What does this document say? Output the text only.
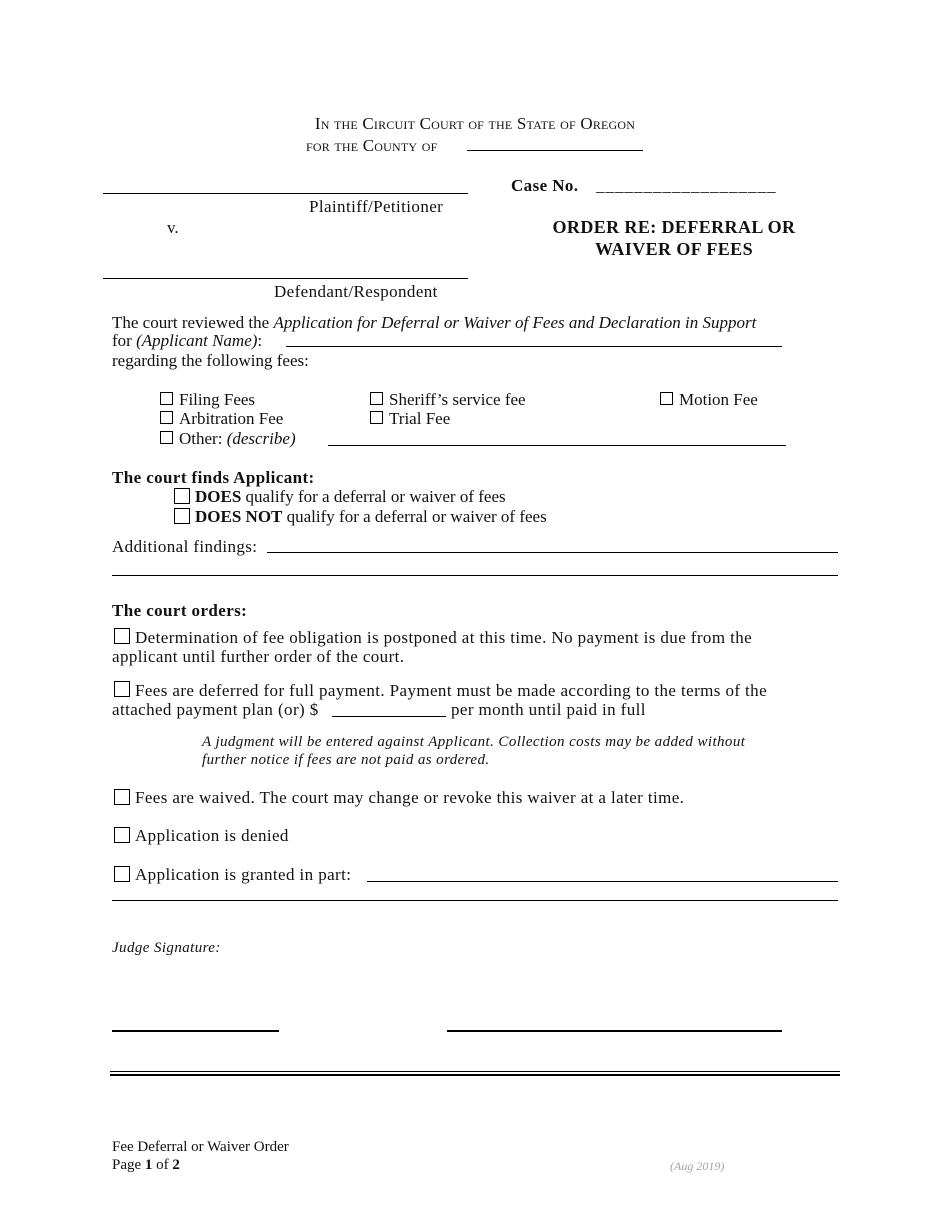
In the Circuit Court of the State of Oregon
for the County of
Plaintiff/Petitioner
v.
Defendant/Respondent
Case No. ___________________
ORDER RE: DEFERRAL OR
WAIVER OF FEES
The court reviewed the Application for Deferral or Waiver of Fees and Declaration in Support
for (Applicant Name):
regarding the following fees:
Filing Fees	Sheriff’s service fee	Motion Fee
Arbitration Fee	Trial Fee
Other: (describe)
The court finds Applicant:
DOES qualify for a deferral or waiver of fees
DOES NOT qualify for a deferral or waiver of fees
Additional findings:
The court orders:
Determination of fee obligation is postponed at this time. No payment is due from the
applicant until further order of the court.
Fees are deferred for full payment. Payment must be made according to the terms of the
attached payment plan (or) $	per month until paid in full
A judgment will be entered against Applicant. Collection costs may be added without
further notice if fees are not paid as ordered.
Fees are waived. The court may change or revoke this waiver at a later time.
Application is denied
Application is granted in part:
Judge Signature:
Fee Deferral or Waiver Order
Page 1 of 2	(Aug 2019)
